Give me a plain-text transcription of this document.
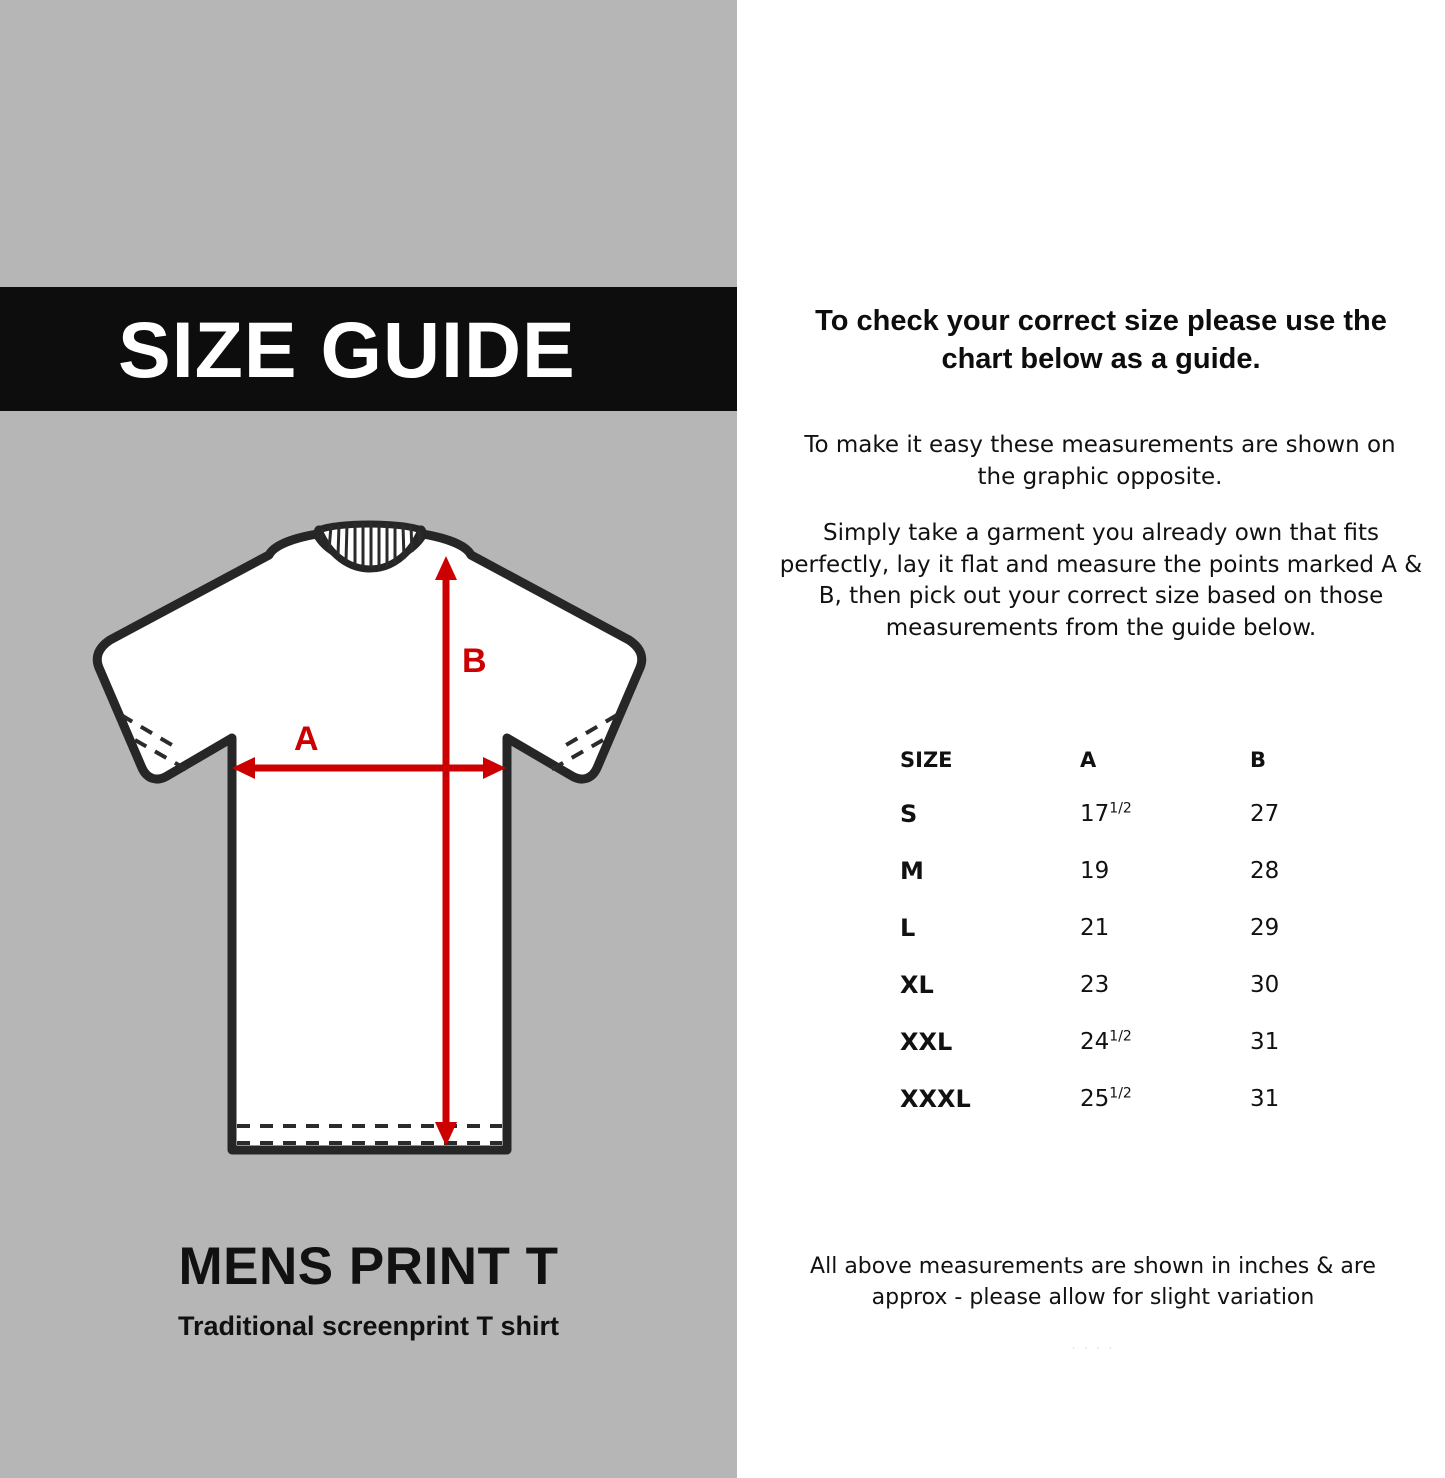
SIZE GUIDE
A
B
MENS PRINT T
Traditional screenprint T shirt
To check your correct size please use the chart below as a guide.
To make it easy these measurements are shown on the graphic opposite.
Simply take a garment you already own that fits perfectly, lay it flat and measure the points marked A & B, then pick out your correct size based on those measurements from the guide below.
SIZE	A	B
S	$17^{1/2}$	27
M	19	28
L	21	29
XL	23	30
XXL	$24^{1/2}$	31
XXXL	$25^{1/2}$	31
All above measurements are shown in inches & are approx - please allow for slight variation
. . . .
